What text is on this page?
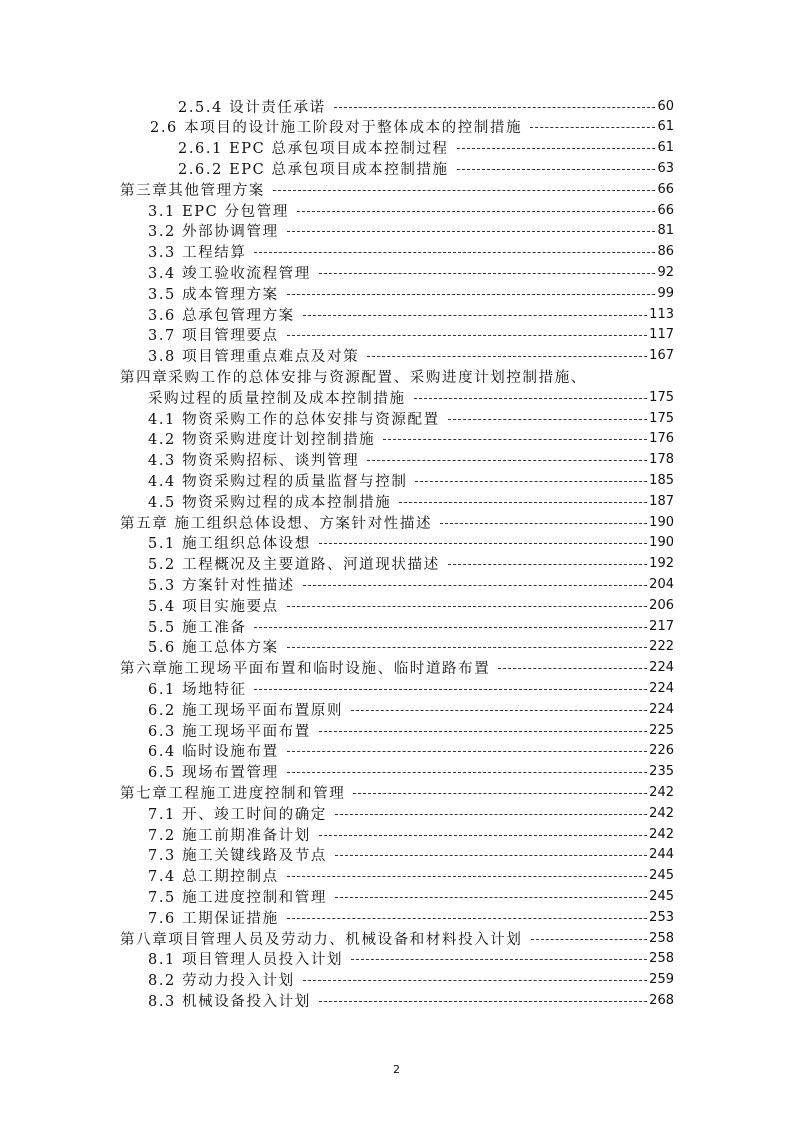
2.5.4 设计责任承诺	60
2.6 本项目的设计施工阶段对于整体成本的控制措施	61
2.6.1 EPC 总承包项目成本控制过程	61
2.6.2 EPC 总承包项目成本控制措施	63
第三章其他管理方案	66
3.1 EPC 分包管理	66
3.2 外部协调管理	81
3.3 工程结算	86
3.4 竣工验收流程管理	92
3.5 成本管理方案	99
3.6 总承包管理方案	113
3.7 项目管理要点	117
3.8 项目管理重点难点及对策	167
第四章采购工作的总体安排与资源配置、采购进度计划控制措施、
采购过程的质量控制及成本控制措施	175
4.1 物资采购工作的总体安排与资源配置	175
4.2 物资采购进度计划控制措施	176
4.3 物资采购招标、谈判管理	178
4.4 物资采购过程的质量监督与控制	185
4.5 物资采购过程的成本控制措施	187
第五章 施工组织总体设想、方案针对性描述	190
5.1 施工组织总体设想	190
5.2 工程概况及主要道路、河道现状描述	192
5.3 方案针对性描述	204
5.4 项目实施要点	206
5.5 施工准备	217
5.6 施工总体方案	222
第六章施工现场平面布置和临时设施、临时道路布置	224
6.1 场地特征	224
6.2 施工现场平面布置原则	224
6.3 施工现场平面布置	225
6.4 临时设施布置	226
6.5 现场布置管理	235
第七章工程施工进度控制和管理	242
7.1 开、竣工时间的确定	242
7.2 施工前期准备计划	242
7.3 施工关键线路及节点	244
7.4 总工期控制点	245
7.5 施工进度控制和管理	245
7.6 工期保证措施	253
第八章项目管理人员及劳动力、机械设备和材料投入计划	258
8.1 项目管理人员投入计划	258
8.2 劳动力投入计划	259
8.3 机械设备投入计划	268
2
